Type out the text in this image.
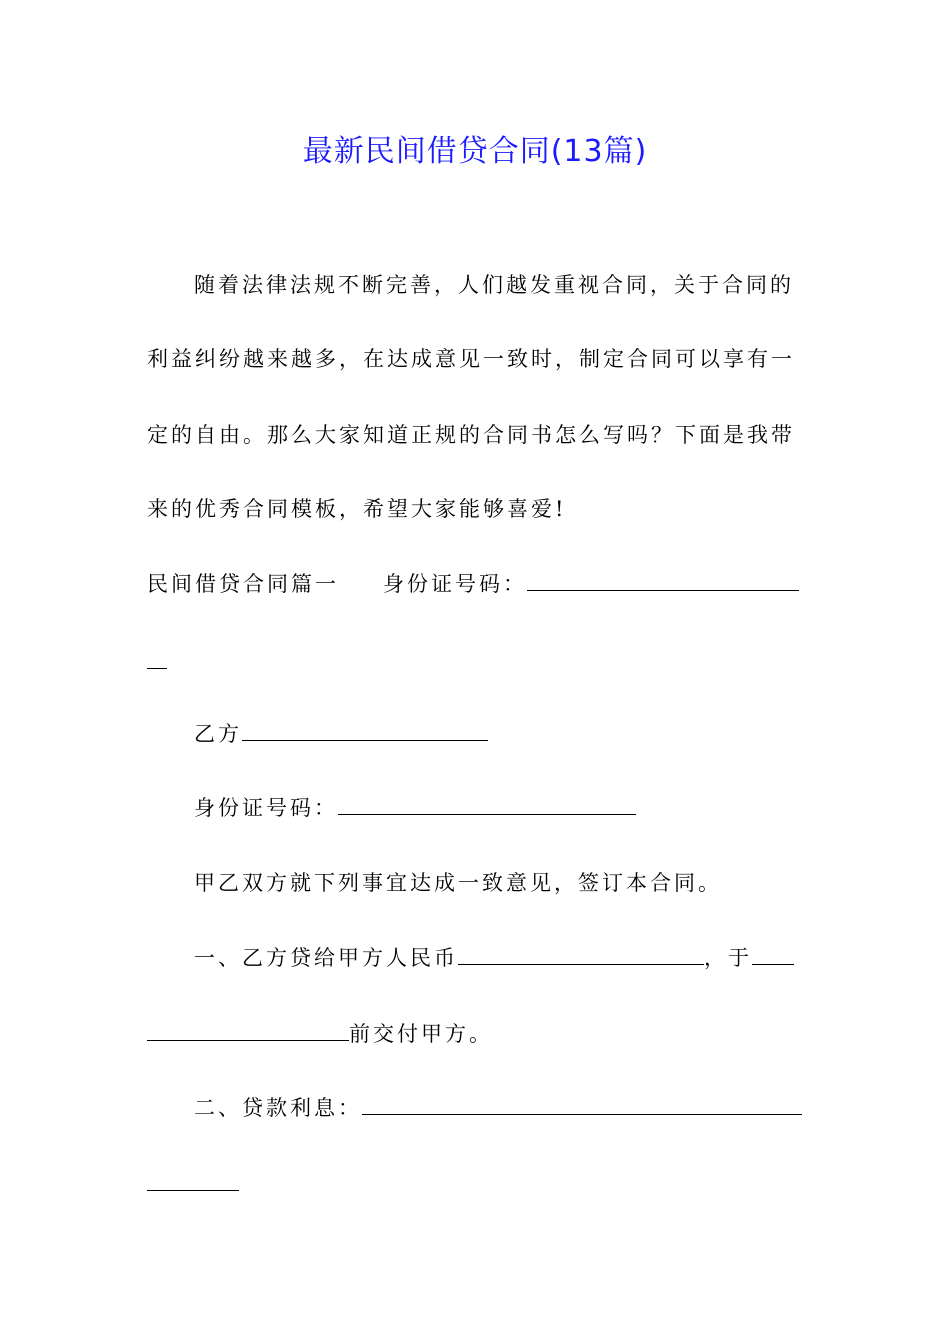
最新民间借贷合同(13篇)
随着法律法规不断完善，人们越发重视合同，关于合同的
利益纠纷越来越多，在达成意见一致时，制定合同可以享有一
定的自由。那么大家知道正规的合同书怎么写吗？下面是我带
来的优秀合同模板，希望大家能够喜爱!
民间借贷合同篇一 身份证号码：
乙方
身份证号码：
甲乙双方就下列事宜达成一致意见，签订本合同。
一、乙方贷给甲方人民币	，于
前交付甲方。
二、贷款利息：
